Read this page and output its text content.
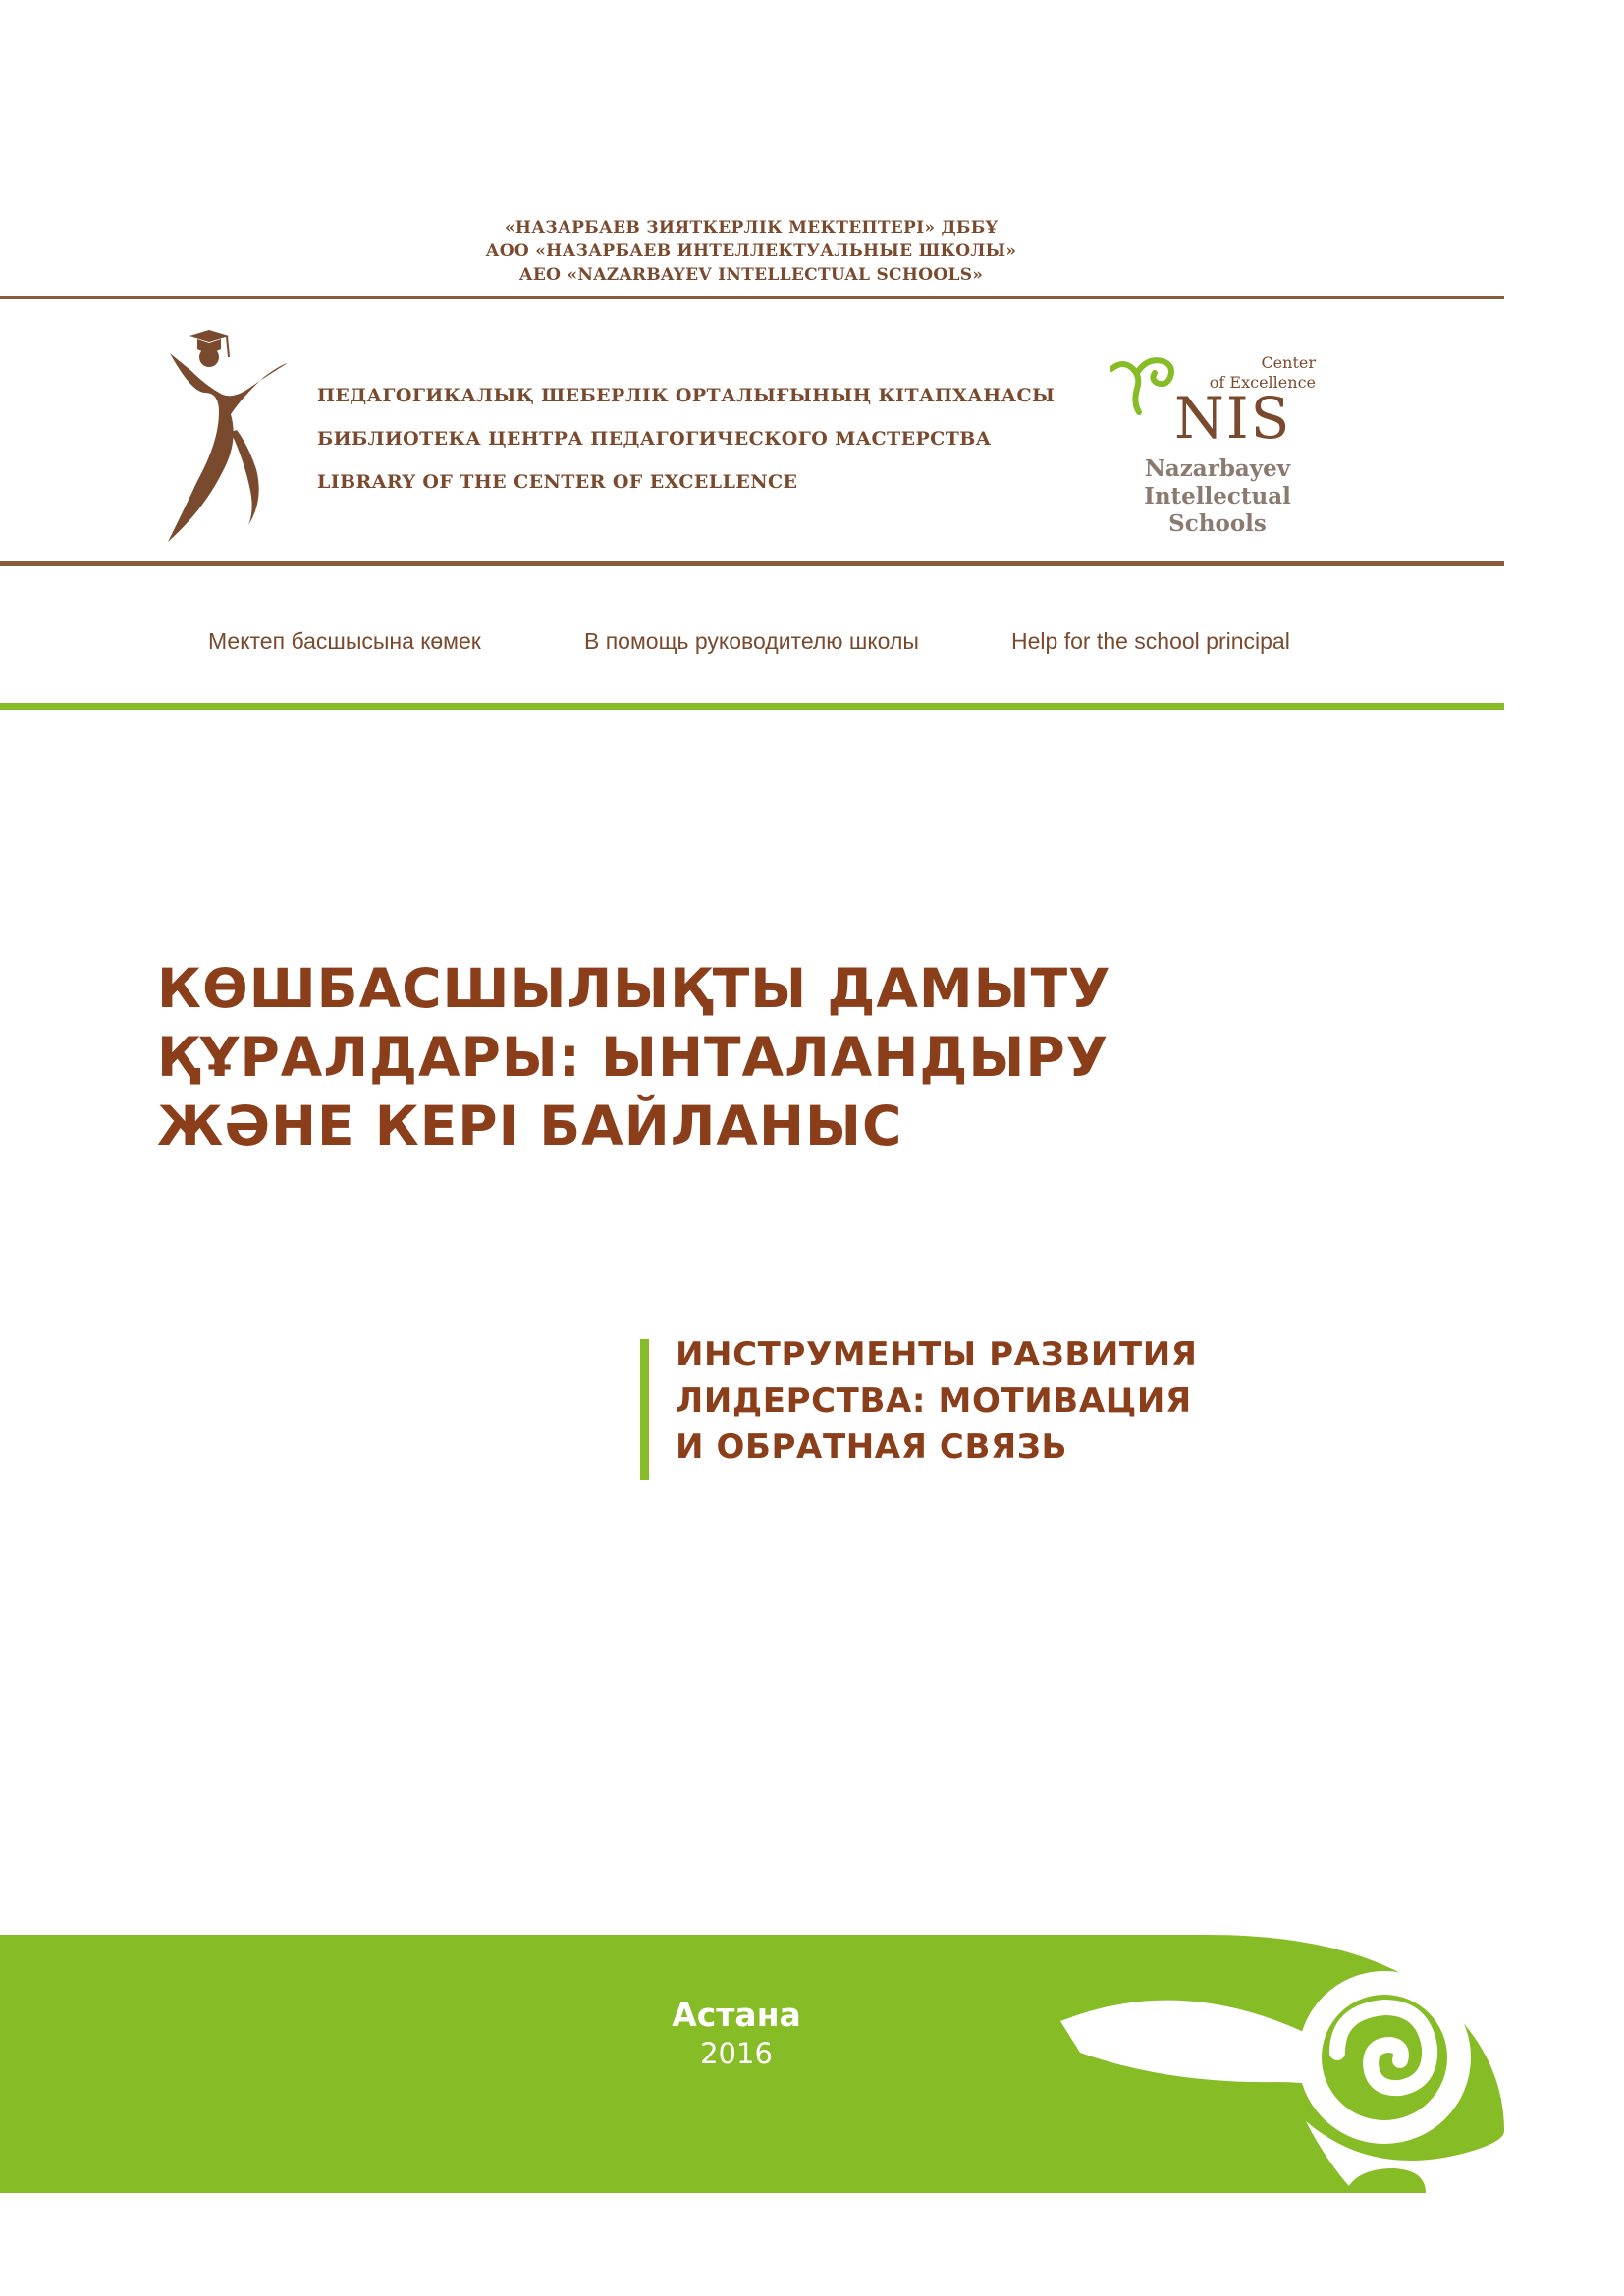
«НАЗАРБАЕВ ЗИЯТКЕРЛІК МЕКТЕПТЕРІ» ДББҰ
АОО «НАЗАРБАЕВ ИНТЕЛЛЕКТУАЛЬНЫЕ ШКОЛЫ»
АЕО «NAZARBAYEV INTELLECTUAL SCHOOLS»
ПЕДАГОГИКАЛЫҚ ШЕБЕРЛІК ОРТАЛЫҒЫНЫҢ КІТАПХАНАСЫ
БИБЛИОТЕКА ЦЕНТРА ПЕДАГОГИЧЕСКОГО МАСТЕРСТВА
LIBRARY OF THE CENTER OF EXCELLENCE
Center
of Excellence
NIS
Nazarbayev
Intellectual
Schools
Мектеп басшысына көмек	В помощь руководителю школы	Help for the school principal
КӨШБАСШЫЛЫҚТЫ ДАМЫТУ
ҚҰРАЛДАРЫ: ЫНТАЛАНДЫРУ
ЖӘНЕ КЕРІ БАЙЛАНЫС
ИНСТРУМЕНТЫ РАЗВИТИЯ
ЛИДЕРСТВА: МОТИВАЦИЯ
И ОБРАТНАЯ СВЯЗЬ
Астана
2016
